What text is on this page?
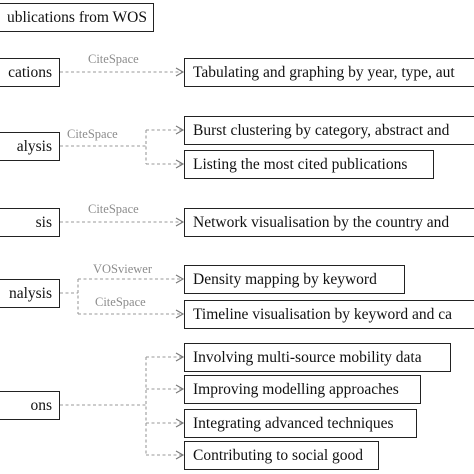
ublications from WOS
cations
alysis
sis
nalysis
ons
CiteSpace
CiteSpace
CiteSpace
VOSviewer
CiteSpace
Tabulating and graphing by year, type, aut
Burst clustering by category, abstract and
Listing the most cited publications
Network visualisation by the country and
Density mapping by keyword
Timeline visualisation by keyword and ca
Involving multi-source mobility data
Improving modelling approaches
Integrating advanced techniques
Contributing to social good
